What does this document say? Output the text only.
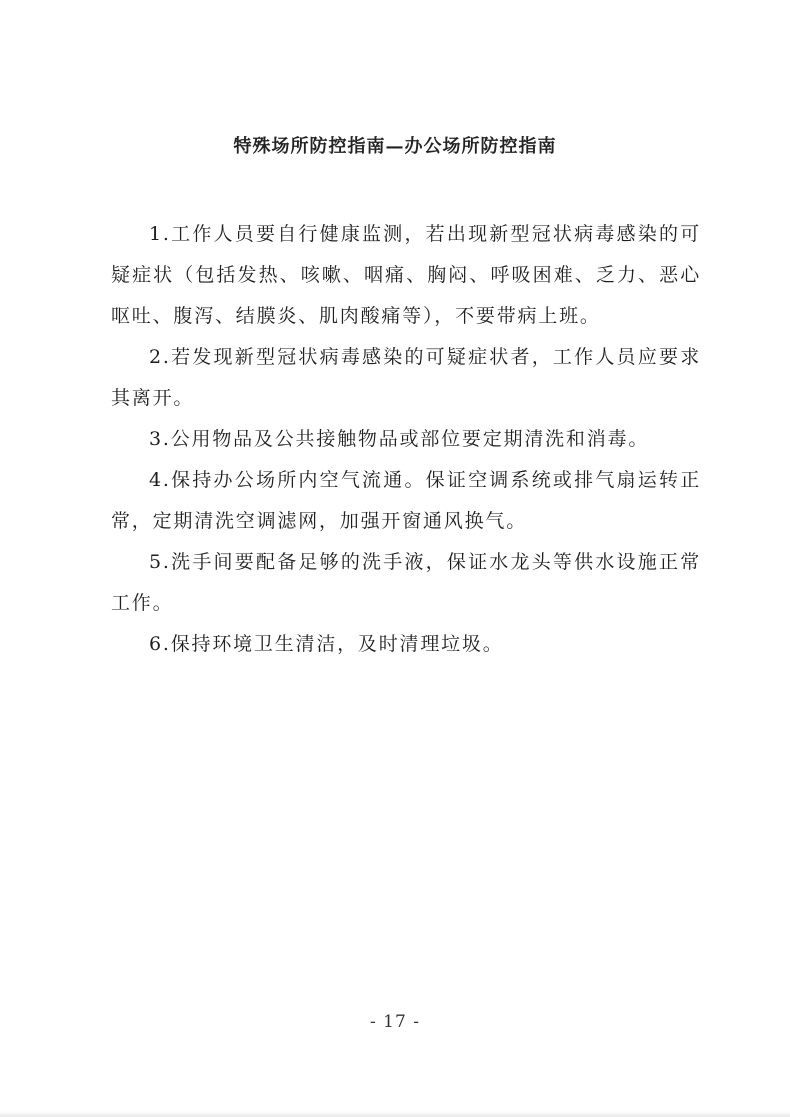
特殊场所防控指南—办公场所防控指南

1.工作人员要自行健康监测，若出现新型冠状病毒感染的可疑症状（包括发热、咳嗽、咽痛、胸闷、呼吸困难、乏力、恶心呕吐、腹泻、结膜炎、肌肉酸痛等），不要带病上班。

2.若发现新型冠状病毒感染的可疑症状者，工作人员应要求其离开。

3.公用物品及公共接触物品或部位要定期清洗和消毒。

4.保持办公场所内空气流通。保证空调系统或排气扇运转正常，定期清洗空调滤网，加强开窗通风换气。

5.洗手间要配备足够的洗手液，保证水龙头等供水设施正常工作。

6.保持环境卫生清洁，及时清理垃圾。

- 17 -
